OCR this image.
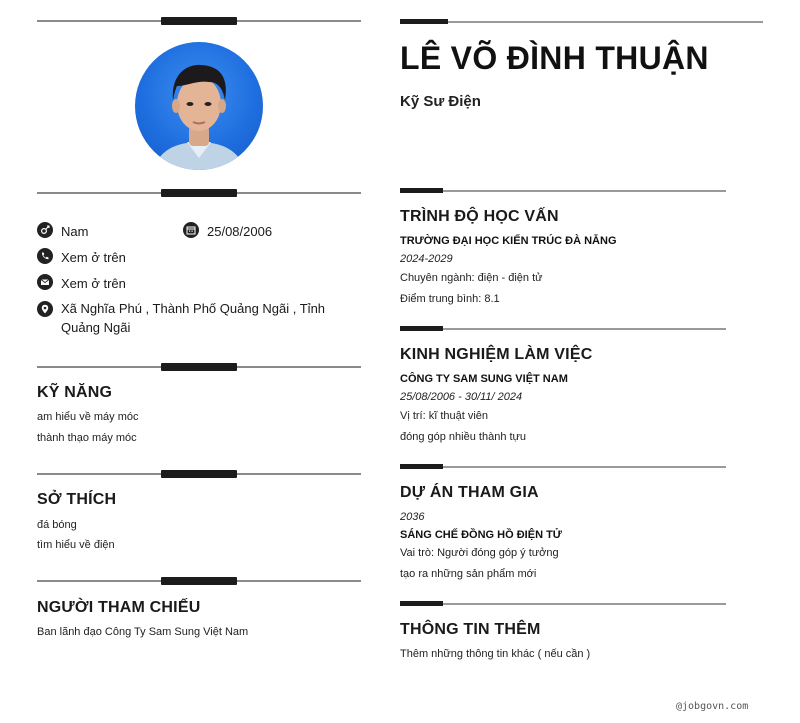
Nam	25/08/2006
Xem ở trên
Xem ở trên
Xã Nghĩa Phú , Thành Phố Quảng Ngãi , Tỉnh Quảng Ngãi
KỸ NĂNG
am hiểu về máy móc
thành thạo máy móc
SỞ THÍCH
đá bóng
tìm hiểu về điện
NGƯỜI THAM CHIẾU
Ban lãnh đạo Công Ty Sam Sung Việt Nam
LÊ VÕ ĐÌNH THUẬN
Kỹ Sư Điện
TRÌNH ĐỘ HỌC VẤN
TRƯỜNG ĐẠI HỌC KIẾN TRÚC ĐÀ NẴNG
2024-2029
Chuyên ngành: điện - điện tử
Điểm trung bình: 8.1
KINH NGHIỆM LÀM VIỆC
CÔNG TY SAM SUNG VIỆT NAM
25/08/2006 - 30/11/ 2024
Vị trí: kĩ thuật viên
đóng góp nhiều thành tựu
DỰ ÁN THAM GIA
2036
SÁNG CHẾ ĐỒNG HỒ ĐIỆN TỬ
Vai trò: Người đóng góp ý tưởng
tạo ra những sản phẩm mới
THÔNG TIN THÊM
Thêm những thông tin khác ( nếu cần )
@jobgovn.com
